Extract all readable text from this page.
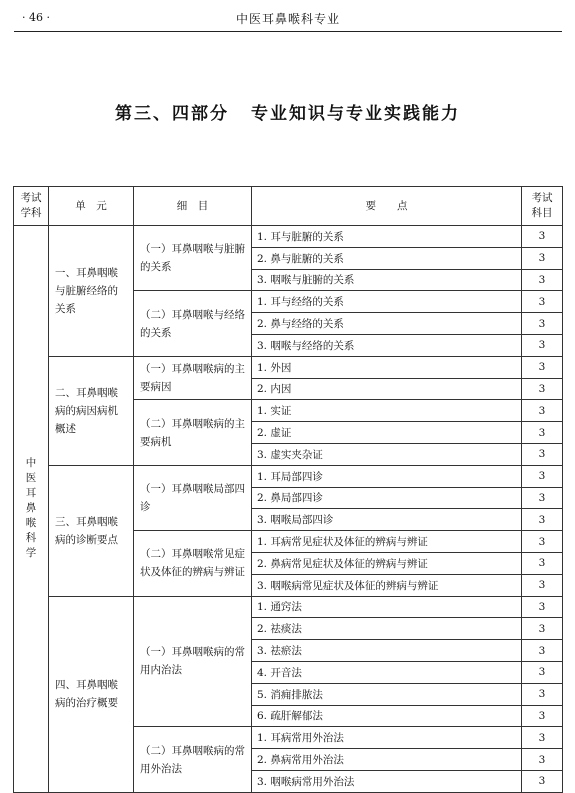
· 46 ·	中医耳鼻喉科专业
第三、四部分 专业知识与专业实践能力
考试学科	单　元	细　目	要　　点	考试科目

中医耳鼻喉科学	一、耳鼻咽喉与脏腑经络的关系	（一）耳鼻咽喉与脏腑的关系	1. 耳与脏腑的关系	3
			2. 鼻与脏腑的关系	3
			3. 咽喉与脏腑的关系	3
		（二）耳鼻咽喉与经络的关系	1. 耳与经络的关系	3
			2. 鼻与经络的关系	3
			3. 咽喉与经络的关系	3
	二、耳鼻咽喉病的病因病机概述	（一）耳鼻咽喉病的主要病因	1. 外因	3
			2. 内因	3
		（二）耳鼻咽喉病的主要病机	1. 实证	3
			2. 虚证	3
			3. 虚实夹杂证	3
	三、耳鼻咽喉病的诊断要点	（一）耳鼻咽喉局部四诊	1. 耳局部四诊	3
			2. 鼻局部四诊	3
			3. 咽喉局部四诊	3
		（二）耳鼻咽喉常见症状及体征的辨病与辨证	1. 耳病常见症状及体征的辨病与辨证	3
			2. 鼻病常见症状及体征的辨病与辨证	3
			3. 咽喉病常见症状及体征的辨病与辨证	3
	四、耳鼻咽喉病的治疗概要	（一）耳鼻咽喉病的常用内治法	1. 通窍法	3
			2. 祛痰法	3
			3. 祛瘀法	3
			4. 开音法	3
			5. 消痈排脓法	3
			6. 疏肝解郁法	3
		（二）耳鼻咽喉病的常用外治法	1. 耳病常用外治法	3
			2. 鼻病常用外治法	3
			3. 咽喉病常用外治法	3
